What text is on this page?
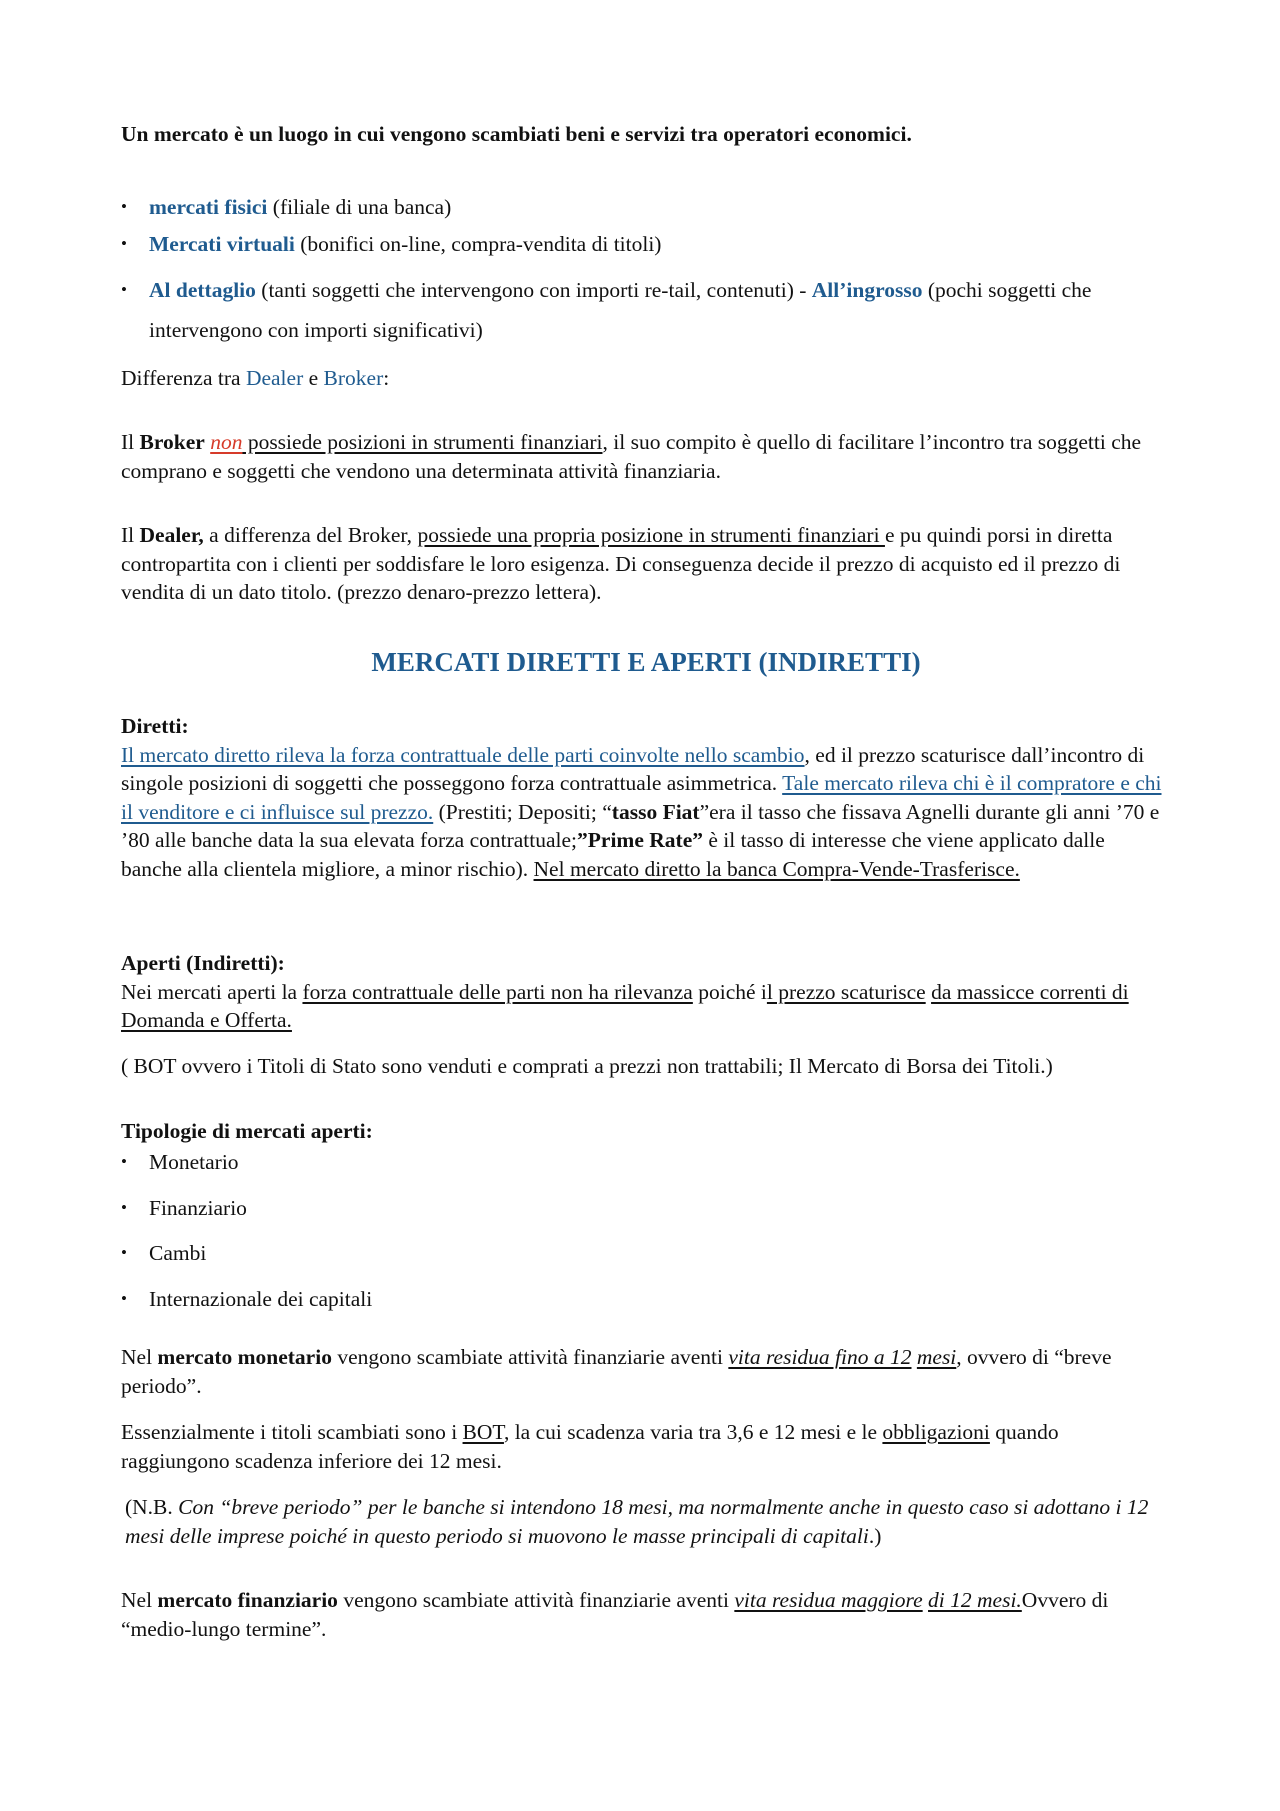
Un mercato è un luogo in cui vengono scambiati beni e servizi tra operatori economici.

• mercati fisici (filiale di una banca)
• Mercati virtuali (bonifici on-line, compra-vendita di titoli)
• Al dettaglio (tanti soggetti che intervengono con importi re-tail, contenuti) - All’ingrosso (pochi soggetti che intervengono con importi significativi)

Differenza tra Dealer e Broker:

Il Broker non possiede posizioni in strumenti finanziari, il suo compito è quello di facilitare l’incontro tra soggetti che comprano e soggetti che vendono una determinata attività finanziaria.

Il Dealer, a differenza del Broker, possiede una propria posizione in strumenti finanziari e pu quindi porsi in diretta contropartita con i clienti per soddisfare le loro esigenza. Di conseguenza decide il prezzo di acquisto ed il prezzo di vendita di un dato titolo. (prezzo denaro-prezzo lettera).

MERCATI DIRETTI E APERTI (INDIRETTI)

Diretti:
Il mercato diretto rileva la forza contrattuale delle parti coinvolte nello scambio, ed il prezzo scaturisce dall’incontro di singole posizioni di soggetti che posseggono forza contrattuale asimmetrica. Tale mercato rileva chi è il compratore e chi il venditore e ci influisce sul prezzo. (Prestiti; Depositi; “tasso Fiat”era il tasso che fissava Agnelli durante gli anni ’70 e ’80 alle banche data la sua elevata forza contrattuale;”Prime Rate” è il tasso di interesse che viene applicato dalle banche alla clientela migliore, a minor rischio). Nel mercato diretto la banca Compra-Vende-Trasferisce.

Aperti (Indiretti):
Nei mercati aperti la forza contrattuale delle parti non ha rilevanza poiché il prezzo scaturisce da massicce correnti di Domanda e Offerta.

( BOT ovvero i Titoli di Stato sono venduti e comprati a prezzi non trattabili; Il Mercato di Borsa dei Titoli.)

Tipologie di mercati aperti:

• Monetario
• Finanziario
• Cambi
• Internazionale dei capitali

Nel mercato monetario vengono scambiate attività finanziarie aventi vita residua fino a 12 mesi, ovvero di “breve periodo”.

Essenzialmente i titoli scambiati sono i BOT, la cui scadenza varia tra 3,6 e 12 mesi e le obbligazioni quando raggiungono scadenza inferiore dei 12 mesi.

(N.B. Con “breve periodo” per le banche si intendono 18 mesi, ma normalmente anche in questo caso si adottano i 12 mesi delle imprese poiché in questo periodo si muovono le masse principali di capitali.)

Nel mercato finanziario vengono scambiate attività finanziarie aventi vita residua maggiore di 12 mesi.Ovvero di “medio-lungo termine”.
